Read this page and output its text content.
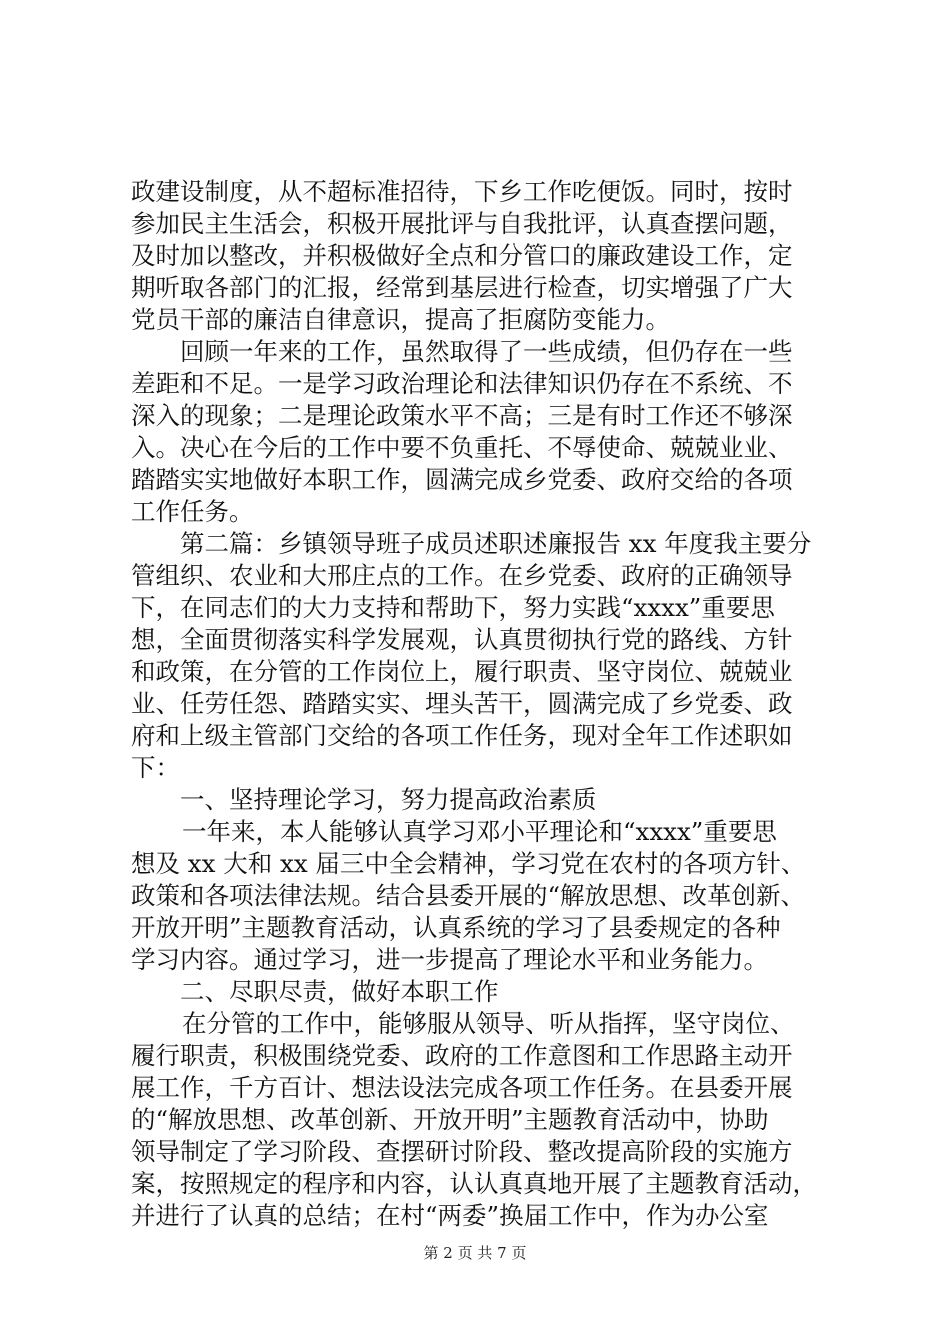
政建设制度，从不超标准招待，下乡工作吃便饭。同时，按时
参加民主生活会，积极开展批评与自我批评，认真查摆问题，
及时加以整改，并积极做好全点和分管口的廉政建设工作，定
期听取各部门的汇报，经常到基层进行检查，切实增强了广大
党员干部的廉洁自律意识，提高了拒腐防变能力。
回顾一年来的工作，虽然取得了一些成绩，但仍存在一些
差距和不足。一是学习政治理论和法律知识仍存在不系统、不
深入的现象；二是理论政策水平不高；三是有时工作还不够深
入。决心在今后的工作中要不负重托、不辱使命、兢兢业业、
踏踏实实地做好本职工作，圆满完成乡党委、政府交给的各项
工作任务。
第二篇：乡镇领导班子成员述职述廉报告 xx 年度我主要分
管组织、农业和大邢庄点的工作。在乡党委、政府的正确领导
下，在同志们的大力支持和帮助下，努力实践“xxxx”重要思
想，全面贯彻落实科学发展观，认真贯彻执行党的路线、方针
和政策，在分管的工作岗位上，履行职责、坚守岗位、兢兢业
业、任劳任怨、踏踏实实、埋头苦干，圆满完成了乡党委、政
府和上级主管部门交给的各项工作任务，现对全年工作述职如
下：
一、坚持理论学习，努力提高政治素质
一年来，本人能够认真学习邓小平理论和“xxxx”重要思
想及 xx 大和 xx 届三中全会精神，学习党在农村的各项方针、
政策和各项法律法规。结合县委开展的“解放思想、改革创新、
开放开明”主题教育活动，认真系统的学习了县委规定的各种
学习内容。通过学习，进一步提高了理论水平和业务能力。
二、尽职尽责，做好本职工作
在分管的工作中，能够服从领导、听从指挥，坚守岗位、
履行职责，积极围绕党委、政府的工作意图和工作思路主动开
展工作，千方百计、想法设法完成各项工作任务。在县委开展
的“解放思想、改革创新、开放开明”主题教育活动中，协助
领导制定了学习阶段、查摆研讨阶段、整改提高阶段的实施方
案，按照规定的程序和内容，认认真真地开展了主题教育活动，
并进行了认真的总结；在村“两委”换届工作中，作为办公室
第 2 页 共 7 页
